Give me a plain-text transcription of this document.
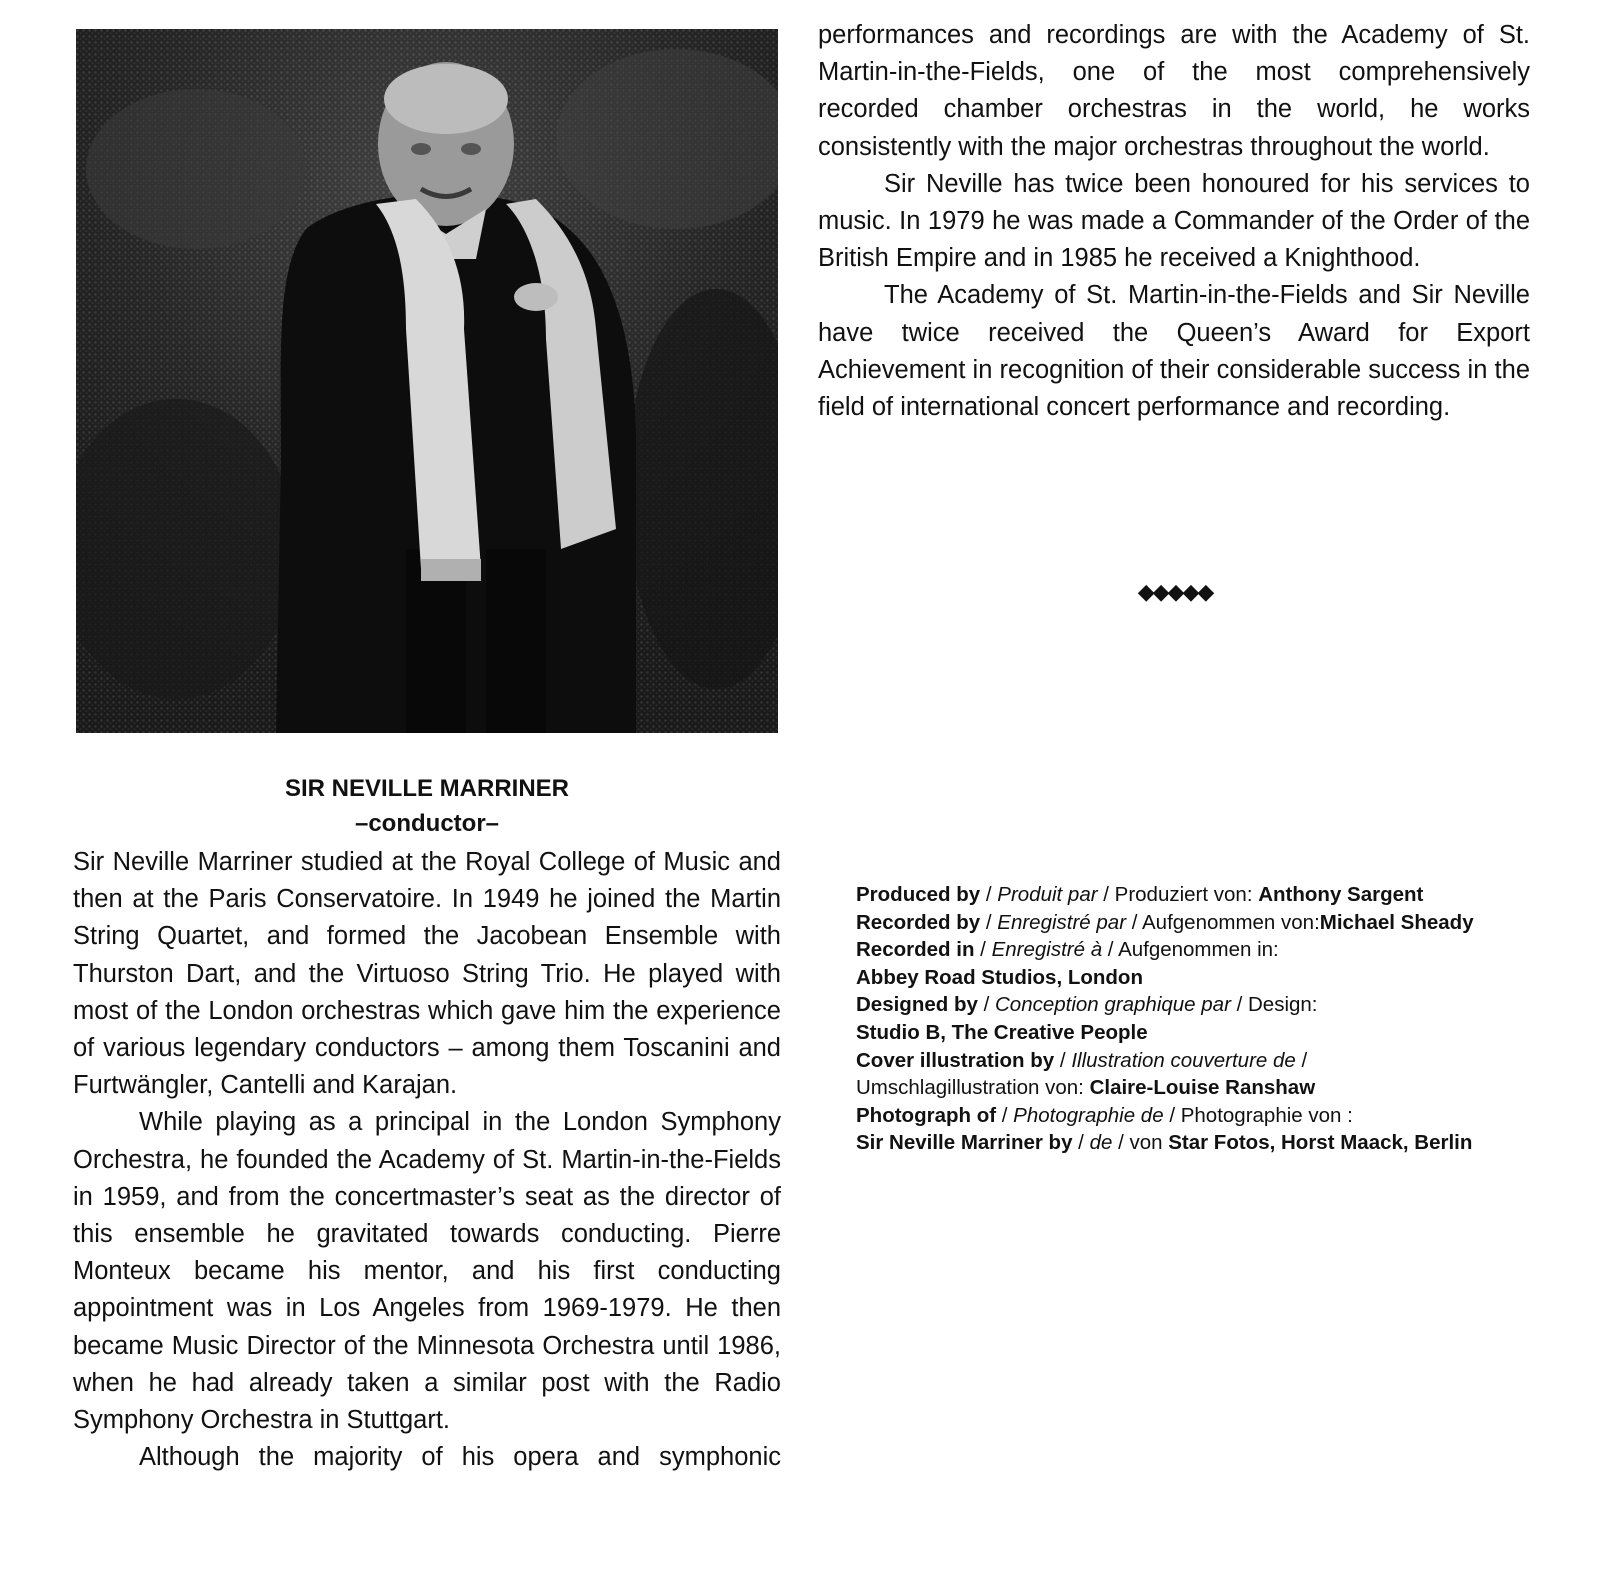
SIR NEVILLE MARRINER

–conductor–

Sir Neville Marriner studied at the Royal College of Music and then at the Paris Conservatoire. In 1949 he joined the Martin String Quartet, and formed the Jacobean Ensemble with Thurston Dart, and the Virtuoso String Trio. He played with most of the London orchestras which gave him the experience of various legendary conductors – among them Toscanini and Furtwängler, Cantelli and Karajan.

While playing as a principal in the London Symphony Orchestra, he founded the Academy of St. Martin-in-the-Fields in 1959, and from the concertmaster’s seat as the director of this ensemble he gravitated towards conducting. Pierre Monteux became his mentor, and his first conducting appointment was in Los Angeles from 1969-1979. He then became Music Director of the Minnesota Orchestra until 1986, when he had already taken a similar post with the Radio Symphony Orchestra in Stuttgart.

Although the majority of his opera and symphonic

performances and recordings are with the Academy of St. Martin-in-the-Fields, one of the most comprehensively recorded chamber orchestras in the world, he works consistently with the major orchestras throughout the world.

Sir Neville has twice been honoured for his services to music. In 1979 he was made a Commander of the Order of the British Empire and in 1985 he received a Knighthood.

The Academy of St. Martin-in-the-Fields and Sir Neville have twice received the Queen’s Award for Export Achievement in recognition of their considerable success in the field of international concert performance and recording.

◆◆◆◆◆
Produced by / Produit par / Produziert von: Anthony Sargent
Recorded by / Enregistré par / Aufgenommen von:Michael Sheady
Recorded in / Enregistré à / Aufgenommen in:
Abbey Road Studios, London
Designed by / Conception graphique par / Design:
Studio B, The Creative People
Cover illustration by / Illustration couverture de /
Umschlagillustration von: Claire-Louise Ranshaw
Photograph of / Photographie de / Photographie von :
Sir Neville Marriner by / de / von Star Fotos, Horst Maack, Berlin
